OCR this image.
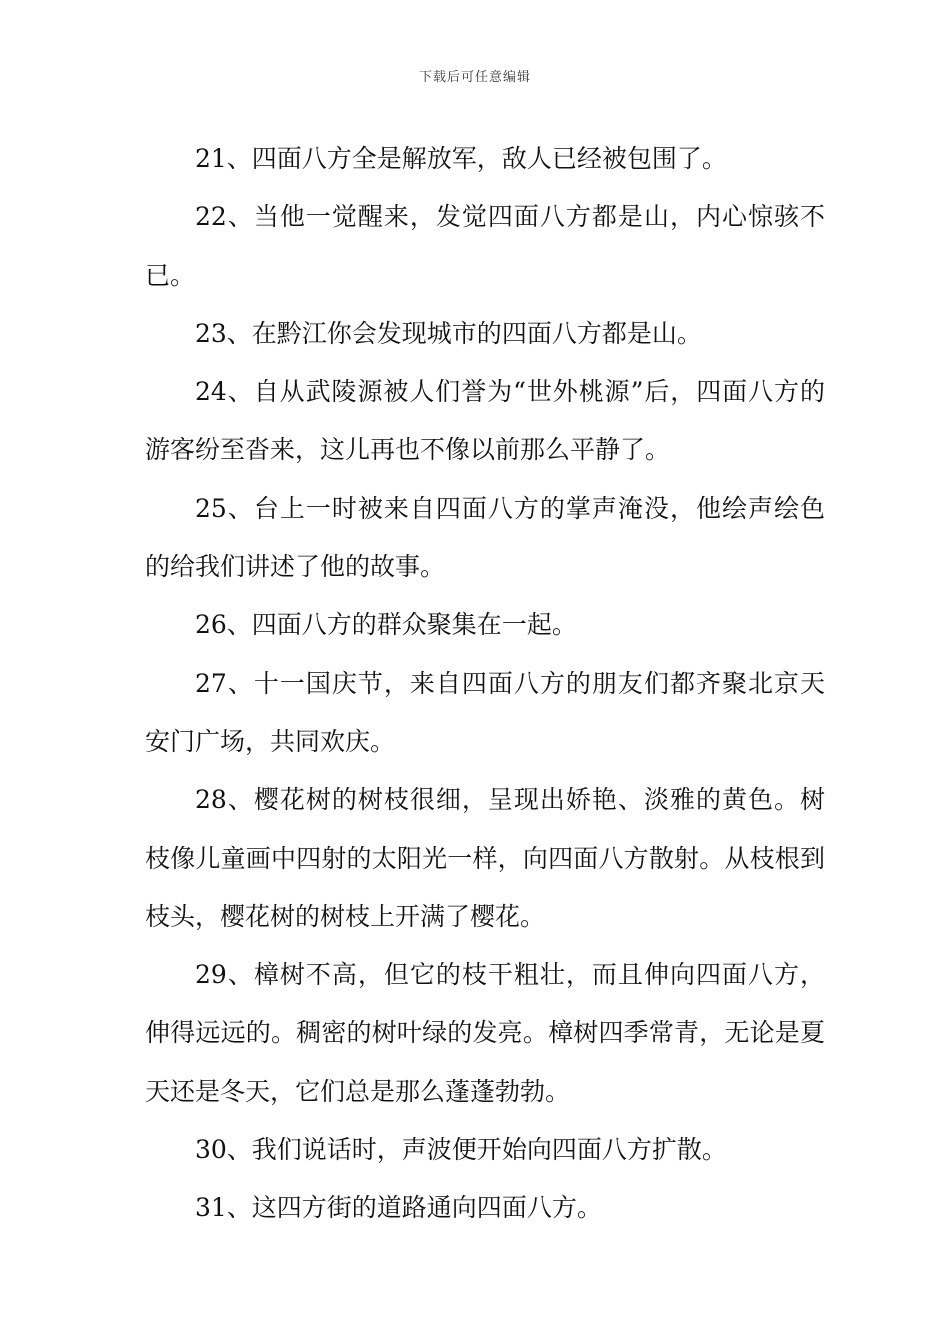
下载后可任意编辑

21、四面八方全是解放军，敌人已经被包围了。

22、当他一觉醒来，发觉四面八方都是山，内心惊骇不已。

23、在黔江你会发现城市的四面八方都是山。

24、自从武陵源被人们誉为“世外桃源”后，四面八方的游客纷至沓来，这儿再也不像以前那么平静了。

25、台上一时被来自四面八方的掌声淹没，他绘声绘色的给我们讲述了他的故事。

26、四面八方的群众聚集在一起。

27、十一国庆节，来自四面八方的朋友们都齐聚北京天安门广场，共同欢庆。

28、樱花树的树枝很细，呈现出娇艳、淡雅的黄色。树枝像儿童画中四射的太阳光一样，向四面八方散射。从枝根到枝头，樱花树的树枝上开满了樱花。

29、樟树不高，但它的枝干粗壮，而且伸向四面八方，伸得远远的。稠密的树叶绿的发亮。樟树四季常青，无论是夏天还是冬天，它们总是那么蓬蓬勃勃。

30、我们说话时，声波便开始向四面八方扩散。

31、这四方街的道路通向四面八方。
